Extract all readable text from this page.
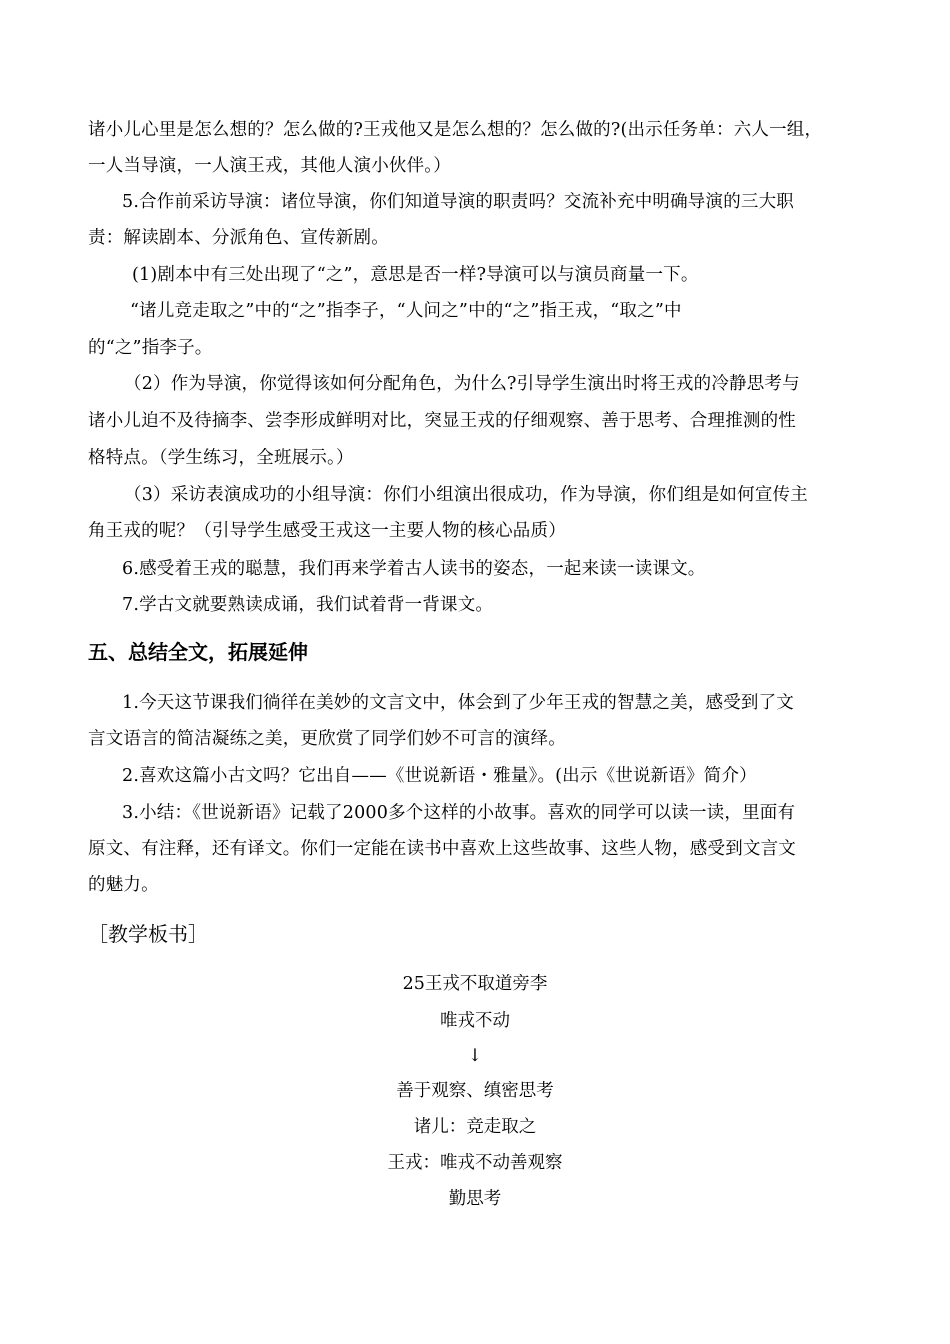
诸小儿心里是怎么想的？怎么做的?王戎他又是怎么想的？怎么做的?(出示任务单：六人一组，
一人当导演，一人演王戎，其他人演小伙伴。）
5.合作前采访导演：诸位导演，你们知道导演的职责吗？交流补充中明确导演的三大职
责：解读剧本、分派角色、宣传新剧。
(1)剧本中有三处出现了“之”，意思是否一样?导演可以与演员商量一下。
“诸儿竞走取之”中的“之”指李子，“人问之”中的“之”指王戎，“取之”中
的“之”指李子。
（2）作为导演，你觉得该如何分配角色，为什么?引导学生演出时将王戎的冷静思考与
诸小儿迫不及待摘李、尝李形成鲜明对比，突显王戎的仔细观察、善于思考、合理推测的性
格特点。（学生练习，全班展示。）
（3）采访表演成功的小组导演：你们小组演出很成功，作为导演，你们组是如何宣传主
角王戎的呢？（引导学生感受王戎这一主要人物的核心品质）
6.感受着王戎的聪慧，我们再来学着古人读书的姿态，一起来读一读课文。
7.学古文就要熟读成诵，我们试着背一背课文。
五、总结全文，拓展延伸
1.今天这节课我们徜徉在美妙的文言文中，体会到了少年王戎的智慧之美，感受到了文
言文语言的简洁凝练之美，更欣赏了同学们妙不可言的演绎。
2.喜欢这篇小古文吗？它出自——《世说新语・雅量》。(出示《世说新语》简介）
3.小结：《世说新语》记载了2000多个这样的小故事。喜欢的同学可以读一读，里面有
原文、有注释，还有译文。你们一定能在读书中喜欢上这些故事、这些人物，感受到文言文
的魅力。
［教学板书］
25王戎不取道旁李
唯戎不动
↓
善于观察、缜密思考
诸儿：竞走取之
王戎：唯戎不动善观察
勤思考
